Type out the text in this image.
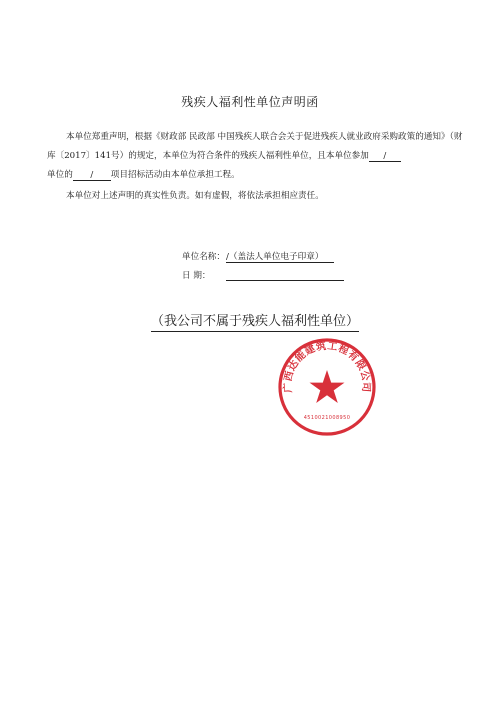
残疾人福利性单位声明函
本单位郑重声明，根据《财政部 民政部 中国残疾人联合会关于促进残疾人就业政府采购政策的通知》（财库〔2017〕141号）的规定，本单位为符合条件的残疾人福利性单位，且本单位参加 /
单位的 / 项目招标活动由本单位承担工程。
本单位对上述声明的真实性负责。如有虚假，将依法承担相应责任。
单位名称：/（盖法人单位电子印章）
日 期：
（我公司不属于残疾人福利性单位）
广西达能建筑工程有限公司
4510021008950
